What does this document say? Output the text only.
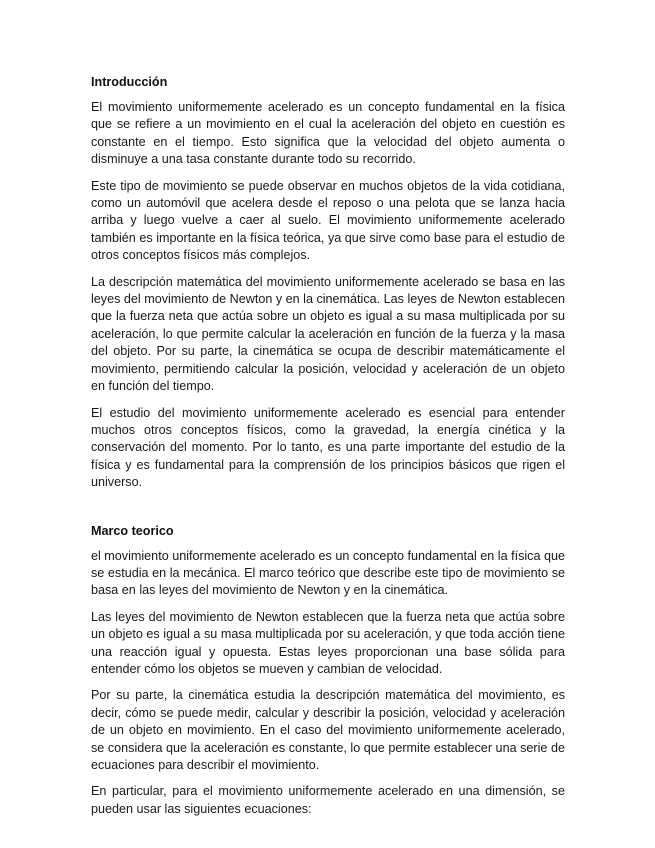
Introducción

El movimiento uniformemente acelerado es un concepto fundamental en la física que se refiere a un movimiento en el cual la aceleración del objeto en cuestión es constante en el tiempo. Esto significa que la velocidad del objeto aumenta o disminuye a una tasa constante durante todo su recorrido.

Este tipo de movimiento se puede observar en muchos objetos de la vida cotidiana, como un automóvil que acelera desde el reposo o una pelota que se lanza hacia arriba y luego vuelve a caer al suelo. El movimiento uniformemente acelerado también es importante en la física teórica, ya que sirve como base para el estudio de otros conceptos físicos más complejos.

La descripción matemática del movimiento uniformemente acelerado se basa en las leyes del movimiento de Newton y en la cinemática. Las leyes de Newton establecen que la fuerza neta que actúa sobre un objeto es igual a su masa multiplicada por su aceleración, lo que permite calcular la aceleración en función de la fuerza y la masa del objeto. Por su parte, la cinemática se ocupa de describir matemáticamente el movimiento, permitiendo calcular la posición, velocidad y aceleración de un objeto en función del tiempo.

El estudio del movimiento uniformemente acelerado es esencial para entender muchos otros conceptos físicos, como la gravedad, la energía cinética y la conservación del momento. Por lo tanto, es una parte importante del estudio de la física y es fundamental para la comprensión de los principios básicos que rigen el universo.

Marco teorico

el movimiento uniformemente acelerado es un concepto fundamental en la física que se estudia en la mecánica. El marco teórico que describe este tipo de movimiento se basa en las leyes del movimiento de Newton y en la cinemática.

Las leyes del movimiento de Newton establecen que la fuerza neta que actúa sobre un objeto es igual a su masa multiplicada por su aceleración, y que toda acción tiene una reacción igual y opuesta. Estas leyes proporcionan una base sólida para entender cómo los objetos se mueven y cambian de velocidad.

Por su parte, la cinemática estudia la descripción matemática del movimiento, es decir, cómo se puede medir, calcular y describir la posición, velocidad y aceleración de un objeto en movimiento. En el caso del movimiento uniformemente acelerado, se considera que la aceleración es constante, lo que permite establecer una serie de ecuaciones para describir el movimiento.

En particular, para el movimiento uniformemente acelerado en una dimensión, se pueden usar las siguientes ecuaciones:
